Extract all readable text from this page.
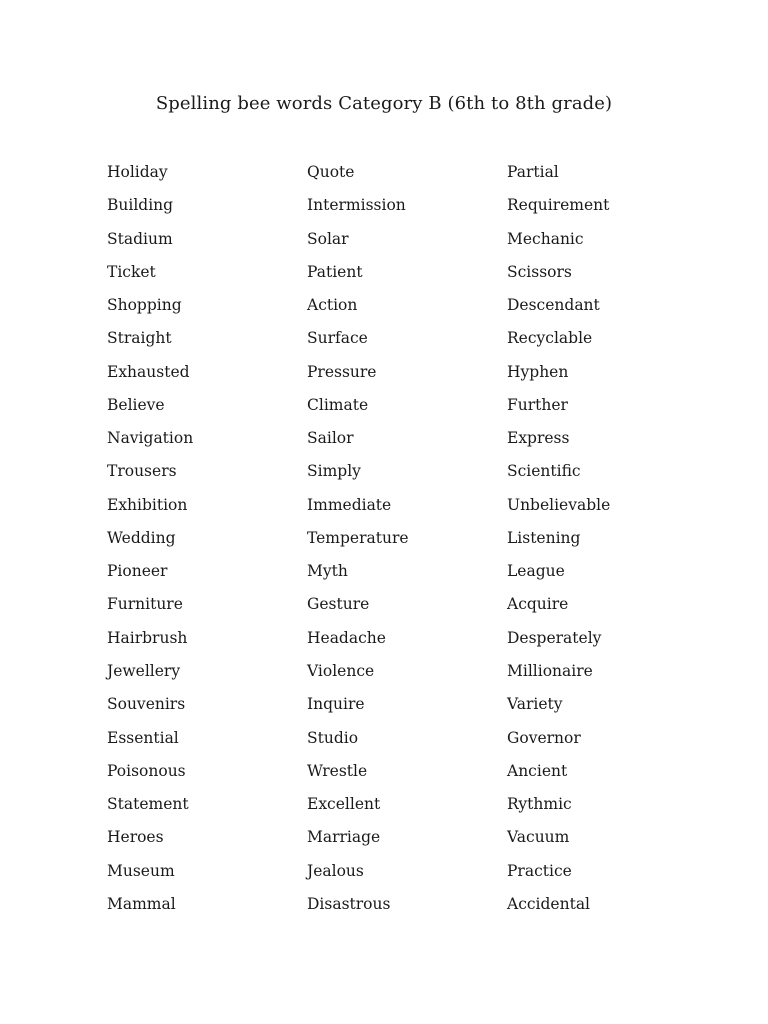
Spelling bee words Category B (6th to 8th grade)
Holiday
Building
Stadium
Ticket
Shopping
Straight
Exhausted
Believe
Navigation
Trousers
Exhibition
Wedding
Pioneer
Furniture
Hairbrush
Jewellery
Souvenirs
Essential
Poisonous
Statement
Heroes
Museum
Mammal
Quote
Intermission
Solar
Patient
Action
Surface
Pressure
Climate
Sailor
Simply
Immediate
Temperature
Myth
Gesture
Headache
Violence
Inquire
Studio
Wrestle
Excellent
Marriage
Jealous
Disastrous
Partial
Requirement
Mechanic
Scissors
Descendant
Recyclable
Hyphen
Further
Express
Scientific
Unbelievable
Listening
League
Acquire
Desperately
Millionaire
Variety
Governor
Ancient
Rythmic
Vacuum
Practice
Accidental
